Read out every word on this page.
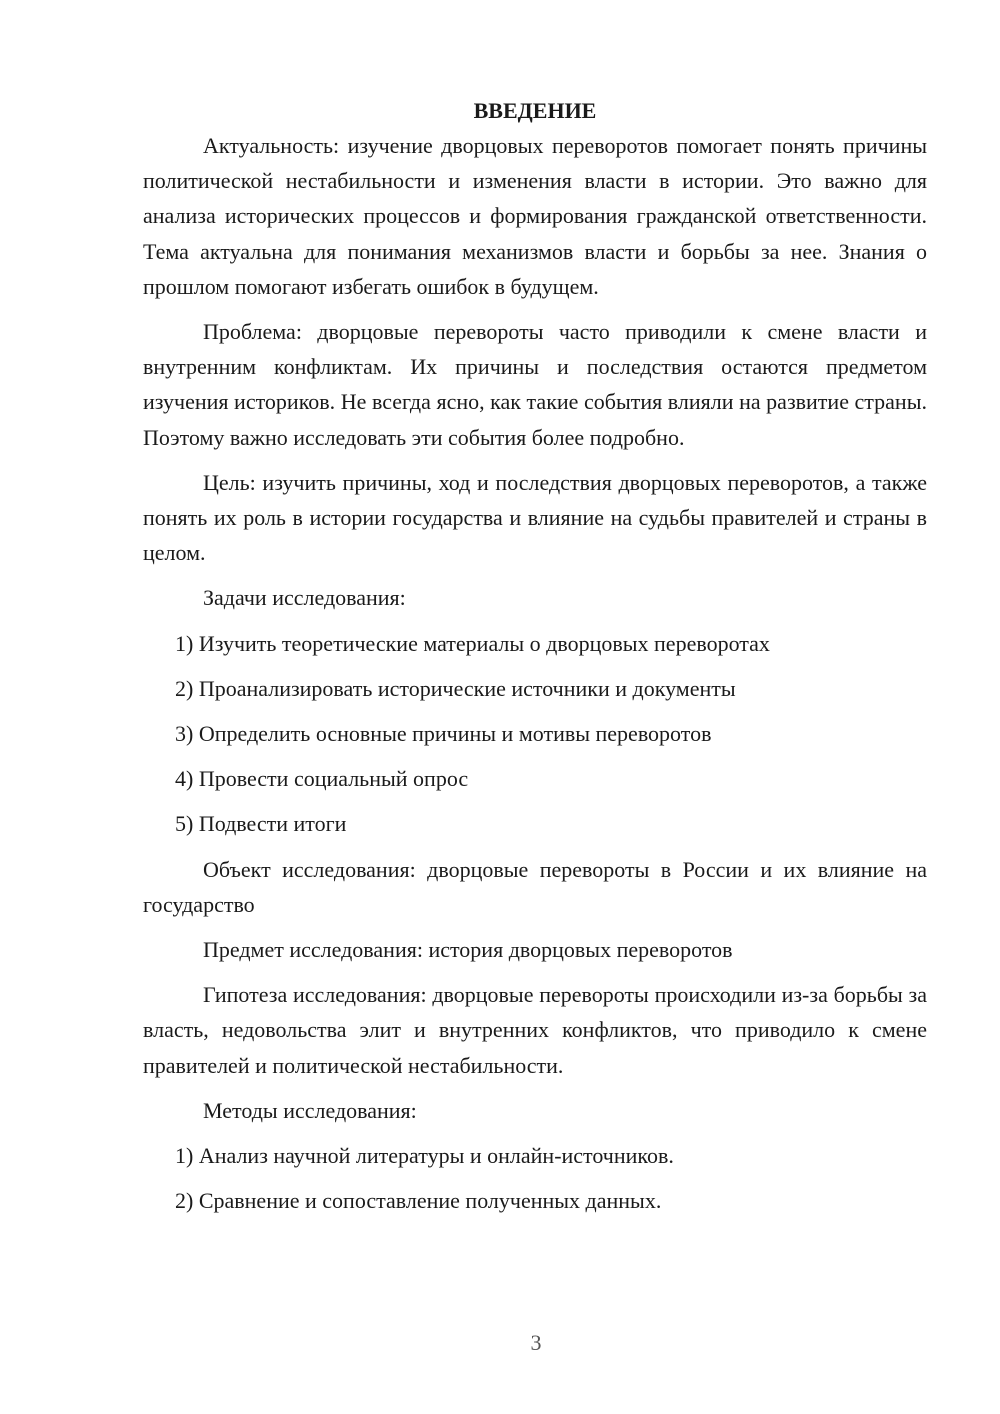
ВВЕДЕНИЕ

Актуальность: изучение дворцовых переворотов помогает понять причины политической нестабильности и изменения власти в истории. Это важно для анализа исторических процессов и формирования гражданской ответственности. Тема актуальна для понимания механизмов власти и борьбы за нее. Знания о прошлом помогают избегать ошибок в будущем.

Проблема: дворцовые перевороты часто приводили к смене власти и внутренним конфликтам. Их причины и последствия остаются предметом изучения историков. Не всегда ясно, как такие события влияли на развитие страны. Поэтому важно исследовать эти события более подробно.

Цель: изучить причины, ход и последствия дворцовых переворотов, а также понять их роль в истории государства и влияние на судьбы правителей и страны в целом.

Задачи исследования:

1) Изучить теоретические материалы о дворцовых переворотах

2) Проанализировать исторические источники и документы

3) Определить основные причины и мотивы переворотов

4) Провести социальный опрос

5) Подвести итоги

Объект исследования: дворцовые перевороты в России и их влияние на государство

Предмет исследования: история дворцовых переворотов

Гипотеза исследования: дворцовые перевороты происходили из-за борьбы за власть, недовольства элит и внутренних конфликтов, что приводило к смене правителей и политической нестабильности.

Методы исследования:

1) Анализ научной литературы и онлайн-источников.

2) Сравнение и сопоставление полученных данных.

3
